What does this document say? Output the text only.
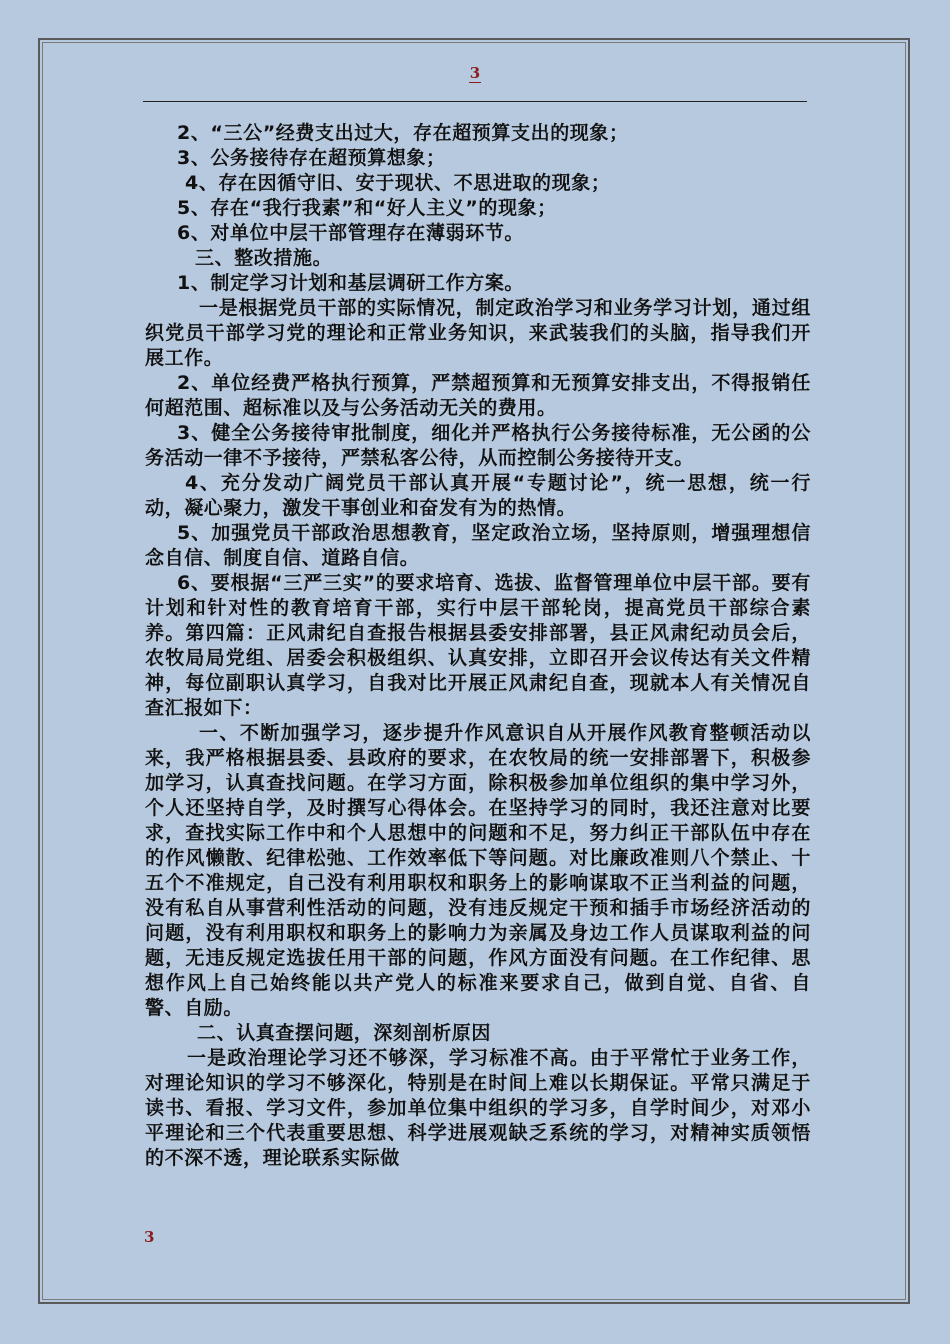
3

2、“三公”经费支出过大，存在超预算支出的现象；

3、公务接待存在超预算想象；

4、存在因循守旧、安于现状、不思进取的现象；

5、存在“我行我素”和“好人主义”的现象；

6、对单位中层干部管理存在薄弱环节。

三、整改措施。

1、制定学习计划和基层调研工作方案。

一是根据党员干部的实际情况，制定政治学习和业务学习计划，通过组织党员干部学习党的理论和正常业务知识，来武装我们的头脑，指导我们开展工作。

2、单位经费严格执行预算，严禁超预算和无预算安排支出，不得报销任何超范围、超标准以及与公务活动无关的费用。

3、健全公务接待审批制度，细化并严格执行公务接待标准，无公函的公务活动一律不予接待，严禁私客公待，从而控制公务接待开支。

4、充分发动广阔党员干部认真开展“专题讨论”，统一思想，统一行动，凝心聚力，激发干事创业和奋发有为的热情。

5、加强党员干部政治思想教育，坚定政治立场，坚持原则，增强理想信念自信、制度自信、道路自信。

6、要根据“三严三实”的要求培育、选拔、监督管理单位中层干部。要有计划和针对性的教育培育干部，实行中层干部轮岗，提高党员干部综合素养。第四篇：正风肃纪自查报告根据县委安排部署，县正风肃纪动员会后，农牧局局党组、居委会积极组织、认真安排，立即召开会议传达有关文件精神，每位副职认真学习，自我对比开展正风肃纪自查，现就本人有关情况自查汇报如下：

一、不断加强学习，逐步提升作风意识自从开展作风教育整顿活动以来，我严格根据县委、县政府的要求，在农牧局的统一安排部署下，积极参加学习，认真查找问题。在学习方面，除积极参加单位组织的集中学习外，个人还坚持自学，及时撰写心得体会。在坚持学习的同时，我还注意对比要求，查找实际工作中和个人思想中的问题和不足，努力纠正干部队伍中存在的作风懒散、纪律松弛、工作效率低下等问题。对比廉政准则八个禁止、十五个不准规定，自己没有利用职权和职务上的影响谋取不正当利益的问题，没有私自从事营利性活动的问题，没有违反规定干预和插手市场经济活动的问题，没有利用职权和职务上的影响力为亲属及身边工作人员谋取利益的问题，无违反规定选拔任用干部的问题，作风方面没有问题。在工作纪律、思想作风上自己始终能以共产党人的标准来要求自己，做到自觉、自省、自警、自励。

二、认真查摆问题，深刻剖析原因

一是政治理论学习还不够深，学习标准不高。由于平常忙于业务工作，对理论知识的学习不够深化，特别是在时间上难以长期保证。平常只满足于读书、看报、学习文件，参加单位集中组织的学习多，自学时间少，对邓小平理论和三个代表重要思想、科学进展观缺乏系统的学习，对精神实质领悟的不深不透，理论联系实际做

3
